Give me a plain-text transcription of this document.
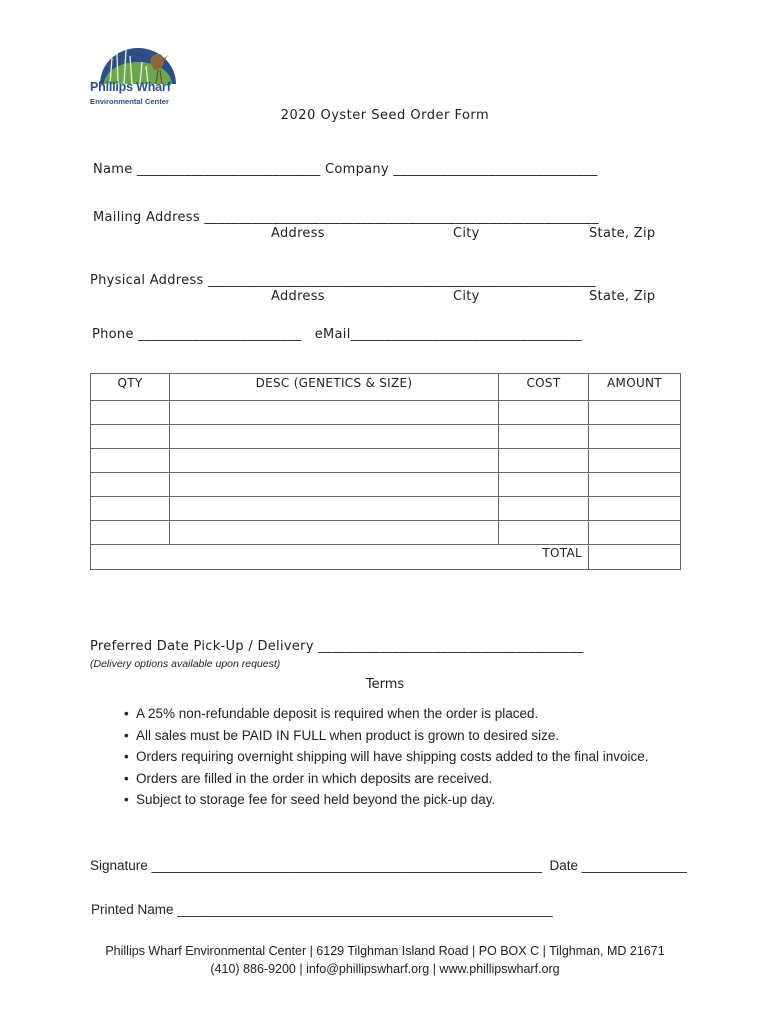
Phillips Wharf
Environmental Center
2020 Oyster Seed Order Form
Name ___________________________ Company ______________________________
Mailing Address __________________________________________________________
Address	City	State, Zip
Physical Address _________________________________________________________
Address	City	State, Zip
Phone ________________________   eMail__________________________________
QTY	DESC (GENETICS & SIZE)	COST	AMOUNT

TOTAL			
Preferred Date Pick-Up / Delivery _______________________________________
(Delivery options available upon request)
Terms
• A 25% non-refundable deposit is required when the order is placed.
• All sales must be PAID IN FULL when product is grown to desired size.
• Orders requiring overnight shipping will have shipping costs added to the final invoice.
• Orders are filled in the order in which deposits are received.
• Subject to storage fee for seed held beyond the pick-up day.
Signature ____________________________________________________  Date ______________
Printed Name __________________________________________________
Phillips Wharf Environmental Center | 6129 Tilghman Island Road | PO BOX C | Tilghman, MD 21671
(410) 886-9200 | info@phillipswharf.org | www.phillipswharf.org
